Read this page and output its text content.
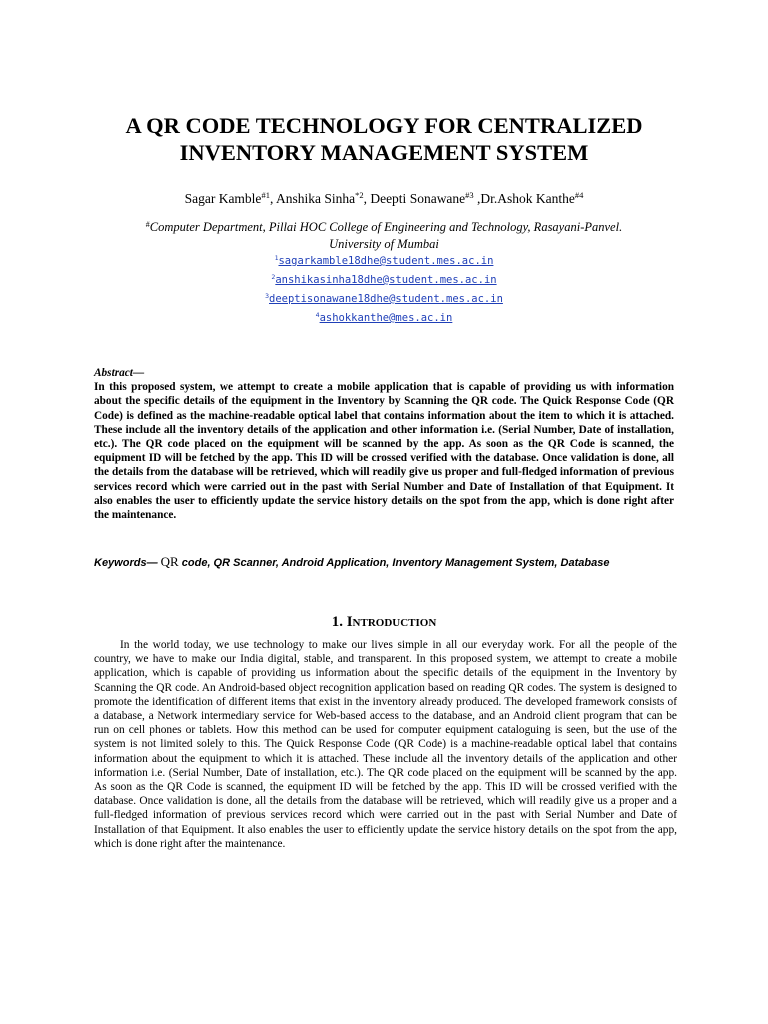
A QR CODE TECHNOLOGY FOR CENTRALIZED
INVENTORY MANAGEMENT SYSTEM
Sagar Kamble$^{\#1}$, Anshika Sinha$^{*2}$, Deepti Sonawane$^{\#3}$ ,Dr.Ashok Kanthe$^{\#4}$
#Computer Department, Pillai HOC College of Engineering and Technology, Rasayani-Panvel.
University of Mumbai
$^1$sagarkamble18dhe@student.mes.ac.in
$^2$anshikasinha18dhe@student.mes.ac.in
$^3$deeptisonawane18dhe@student.mes.ac.in
$^4$ashokkanthe@mes.ac.in
Abstract—
In this proposed system, we attempt to create a mobile application that is capable of providing us with information about the specific details of the equipment in the Inventory by Scanning the QR code. The Quick Response Code (QR Code) is defined as the machine-readable optical label that contains information about the item to which it is attached. These include all the inventory details of the application and other information i.e. (Serial Number, Date of installation, etc.). The QR code placed on the equipment will be scanned by the app. As soon as the QR Code is scanned, the equipment ID will be fetched by the app. This ID will be crossed verified with the database. Once validation is done, all the details from the database will be retrieved, which will readily give us proper and full-fledged information of previous services record which were carried out in the past with Serial Number and Date of Installation of that Equipment. It also enables the user to efficiently update the service history details on the spot from the app, which is done right after the maintenance.
Keywords— QR code, QR Scanner, Android Application, Inventory Management System, Database
1. Introduction
In the world today, we use technology to make our lives simple in all our everyday work. For all the people of the country, we have to make our India digital, stable, and transparent. In this proposed system, we attempt to create a mobile application, which is capable of providing us information about the specific details of the equipment in the Inventory by Scanning the QR code. An Android-based object recognition application based on reading QR codes. The system is designed to promote the identification of different items that exist in the inventory already produced. The developed framework consists of a database, a Network intermediary service for Web-based access to the database, and an Android client program that can be run on cell phones or tablets. How this method can be used for computer equipment cataloguing is seen, but the use of the system is not limited solely to this. The Quick Response Code (QR Code) is a machine-readable optical label that contains information about the equipment to which it is attached. These include all the inventory details of the application and other information i.e. (Serial Number, Date of installation, etc.). The QR code placed on the equipment will be scanned by the app. As soon as the QR Code is scanned, the equipment ID will be fetched by the app. This ID will be crossed verified with the database. Once validation is done, all the details from the database will be retrieved, which will readily give us a proper and a full-fledged information of previous services record which were carried out in the past with Serial Number and Date of Installation of that Equipment. It also enables the user to efficiently update the service history details on the spot from the app, which is done right after the maintenance.
